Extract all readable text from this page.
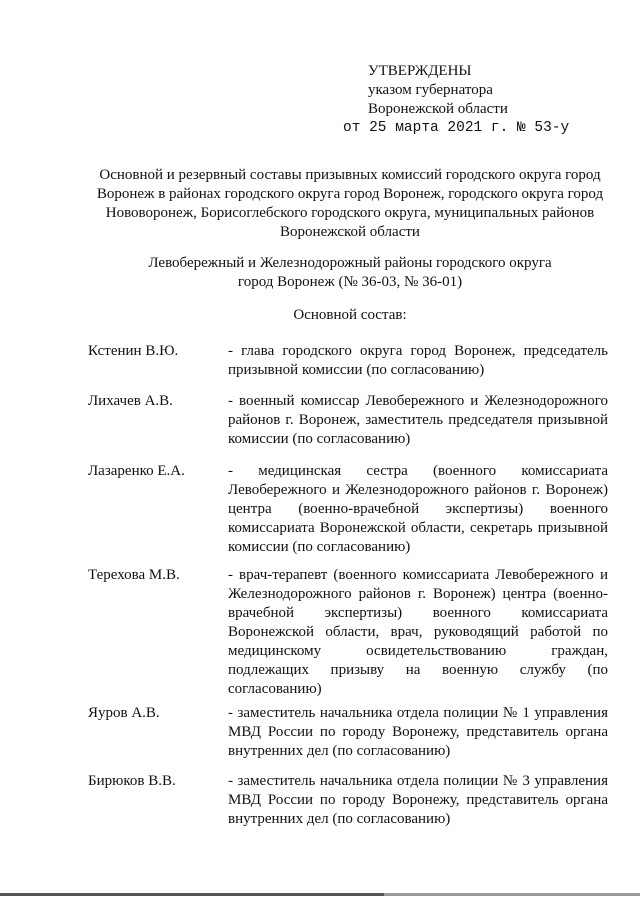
УТВЕРЖДЕНЫ
указом губернатора
Воронежской области
от 25 марта 2021 г. № 53-у
Основной и резервный составы призывных комиссий городского округа город
Воронеж в районах городского округа город Воронеж, городского округа город
Нововоронеж, Борисоглебского городского округа, муниципальных районов
Воронежской области
Левобережный и Железнодорожный районы городского округа
город Воронеж (№ 36-03, № 36-01)
Основной состав:
Кстенин В.Ю.	- глава городского округа город Воронеж, председатель призывной комиссии (по согласованию)
Лихачев А.В.	- военный комиссар Левобережного и Железнодорожного районов г. Воронеж, заместитель председателя призывной комиссии (по согласованию)
Лазаренко Е.А.	- медицинская сестра (военного комиссариата Левобережного и Железнодорожного районов г. Воронеж) центра (военно-врачебной экспертизы) военного комиссариата Воронежской области, секретарь призывной комиссии (по согласованию)
Терехова М.В.	- врач-терапевт (военного комиссариата Левобережного и Железнодорожного районов г. Воронеж) центра (военно-врачебной экспертизы) военного комиссариата Воронежской области, врач, руководящий работой по медицинскому освидетельствованию граждан, подлежащих призыву на военную службу (по согласованию)
Яуров А.В.	- заместитель начальника отдела полиции № 1 управления МВД России по городу Воронежу, представитель органа внутренних дел (по согласованию)
Бирюков В.В.	- заместитель начальника отдела полиции № 3 управления МВД России по городу Воронежу, представитель органа внутренних дел (по согласованию)
